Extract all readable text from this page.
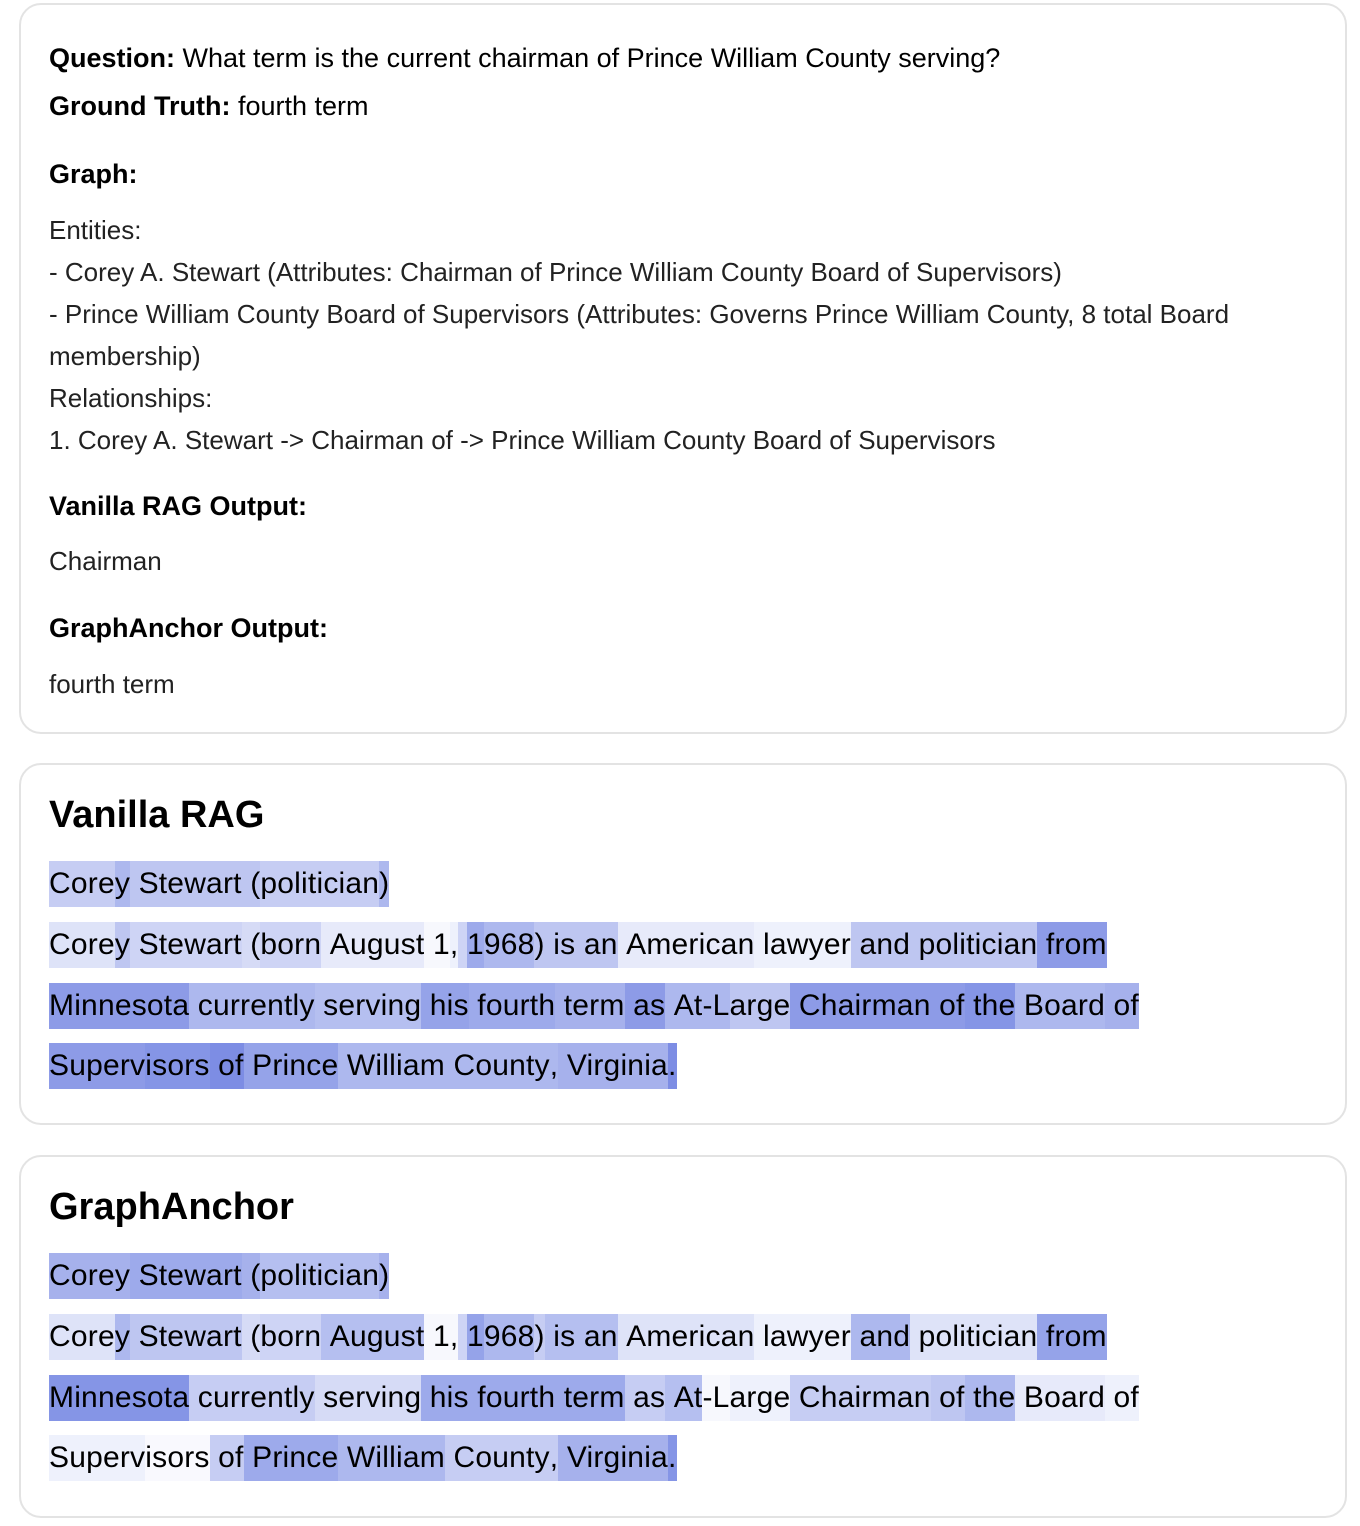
Question: What term is the current chairman of Prince William County serving?
Ground Truth: fourth term
Graph:
Entities:
- Corey A. Stewart (Attributes: Chairman of Prince William County Board of Supervisors)
- Prince William County Board of Supervisors (Attributes: Governs Prince William County, 8 total Board membership)
Relationships:
1. Corey A. Stewart -> Chairman of -> Prince William County Board of Supervisors
Vanilla RAG Output:
Chairman
GraphAnchor Output:
fourth term
Vanilla RAG
Corey Stewart (politician)
Corey Stewart (born August 1, 1968) is an American lawyer and politician from
Minnesota currently serving his fourth term as At-Large Chairman of the Board of
Supervisors of Prince William County, Virginia.
GraphAnchor
Corey Stewart (politician)
Corey Stewart (born August 1, 1968) is an American lawyer and politician from
Minnesota currently serving his fourth term as At-Large Chairman of the Board of
Supervisors of Prince William County, Virginia.
